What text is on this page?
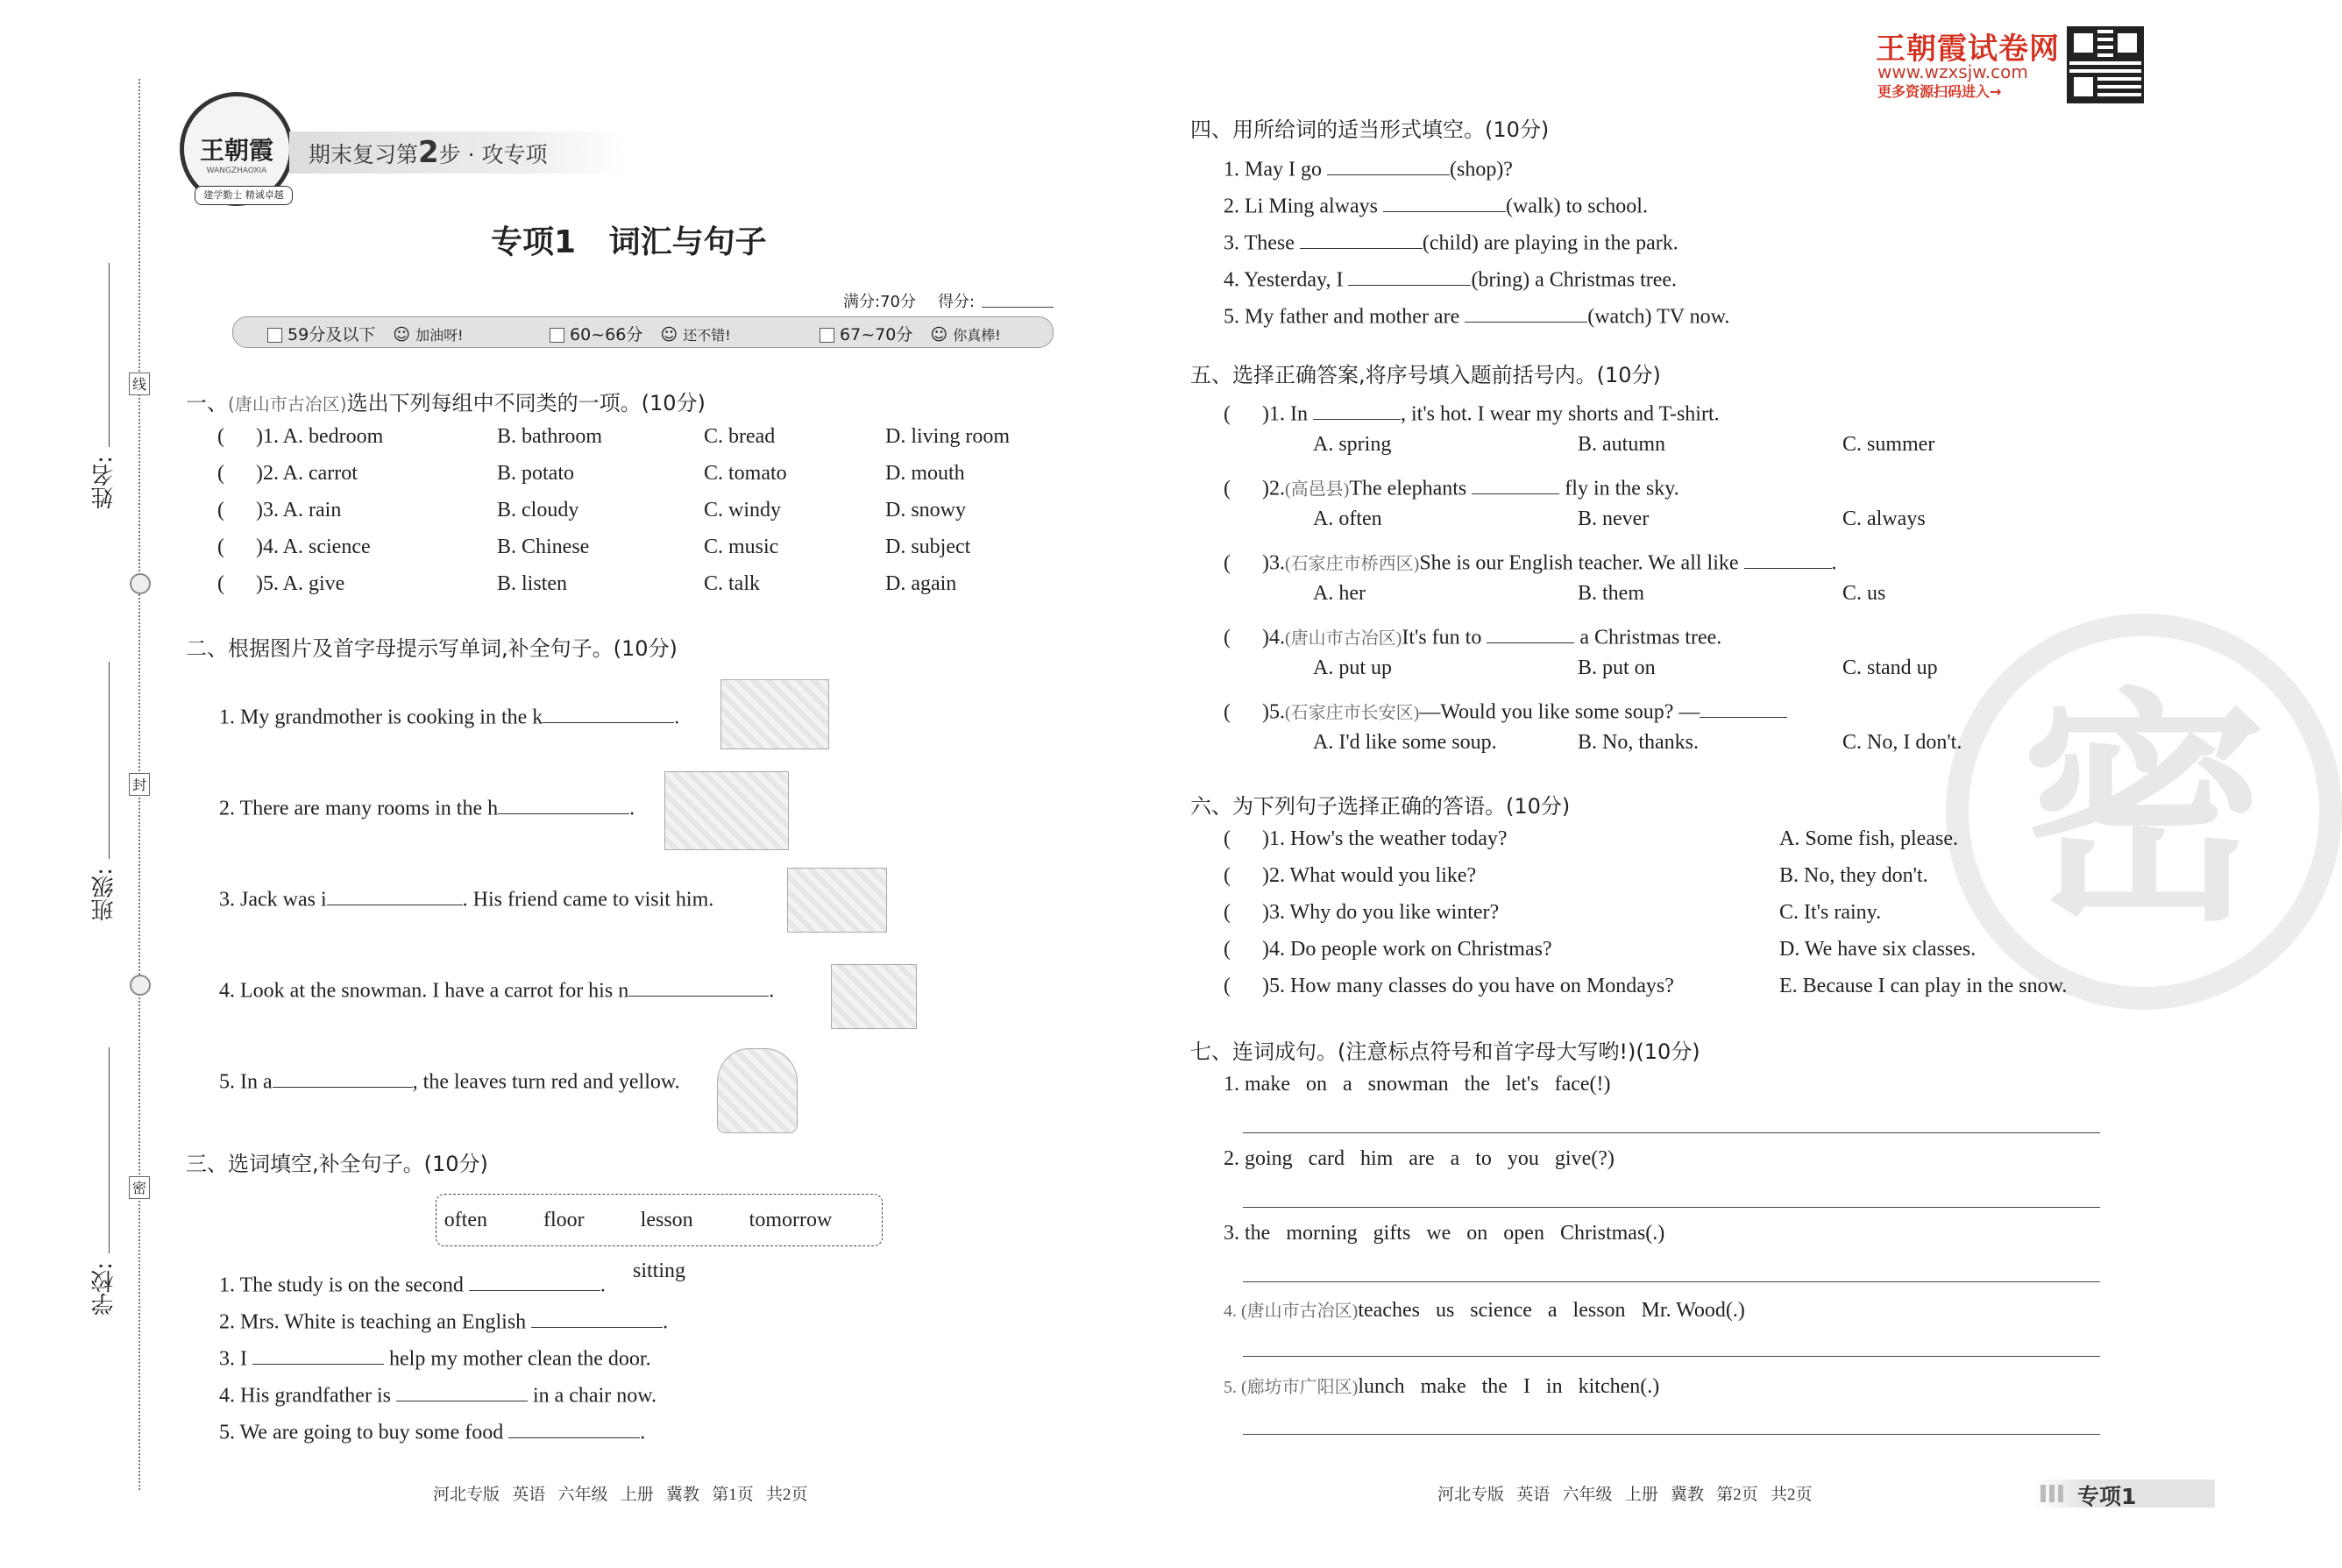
姓名:
班级:
学校:
线
封
密
王朝霞
WANGZHAOXIA
建学勤士 精诚卓越
期末复习第2步 · 攻专项
专项1   词汇与句子
满分:70分 得分:
59分及以下 ☺ 加油呀!	60~66分 ☺ 还不错!	67~70分 ☺ 你真棒!
一、(唐山市古冶区)选出下列每组中不同类的一项。(10分)
(      )1. A. bedroom	B. bathroom	C. bread	D. living room
(      )2. A. carrot	B. potato	C. tomato	D. mouth
(      )3. A. rain	B. cloudy	C. windy	D. snowy
(      )4. A. science	B. Chinese	C. music	D. subject
(      )5. A. give	B. listen	C. talk	D. again
二、根据图片及首字母提示写单词,补全句子。(10分)
1. My grandmother is cooking in the k	.
2. There are many rooms in the h	.
3. Jack was i	. His friend came to visit him.
4. Look at the snowman. I have a carrot for his n	.
5. In a	, the leaves turn red and yellow.
三、选词填空,补全句子。(10分)
often	floor	lesson	tomorrow    sitting
1. The study is on the second	.
2. Mrs. White is teaching an English	.
3. I	help my mother clean the door.
4. His grandfather is	in a chair now.
5. We are going to buy some food	.
河北专版   英语   六年级   上册   冀教   第1页   共2页
王朝霞试卷网
www.wzxsjw.com
更多资源扫码进入→
密
四、用所给词的适当形式填空。(10分)
1. May I go	(shop)?
2. Li Ming always	(walk) to school.
3. These	(child) are playing in the park.
4. Yesterday, I	(bring) a Christmas tree.
5. My father and mother are	(watch) TV now.
五、选择正确答案,将序号填入题前括号内。(10分)
(      )1. In	, it's hot. I wear my shorts and T-shirt.
A. spring	B. autumn	C. summer
(      )2.(高邑县)The elephants	fly in the sky.
A. often	B. never	C. always
(      )3.(石家庄市桥西区)She is our English teacher. We all like	.
A. her	B. them	C. us
(      )4.(唐山市古冶区)It's fun to	a Christmas tree.
A. put up	B. put on	C. stand up
(      )5.(石家庄市长安区)—Would you like some soup? —
A. I'd like some soup.	B. No, thanks.	C. No, I don't.
六、为下列句子选择正确的答语。(10分)
(      )1. How's the weather today?	A. Some fish, please.
(      )2. What would you like?	B. No, they don't.
(      )3. Why do you like winter?	C. It's rainy.
(      )4. Do people work on Christmas?	D. We have six classes.
(      )5. How many classes do you have on Mondays?	E. Because I can play in the snow.
七、连词成句。(注意标点符号和首字母大写哟!)(10分)
1. make   on   a   snowman   the   let's   face(!)
2. going   card   him   are   a   to   you   give(?)
3. the   morning   gifts   we   on   open   Christmas(.)
4. (唐山市古冶区)teaches   us   science   a   lesson   Mr. Wood(.)
5. (廊坊市广阳区)lunch   make   the   I   in   kitchen(.)
河北专版   英语   六年级   上册   冀教   第2页   共2页	专项1
